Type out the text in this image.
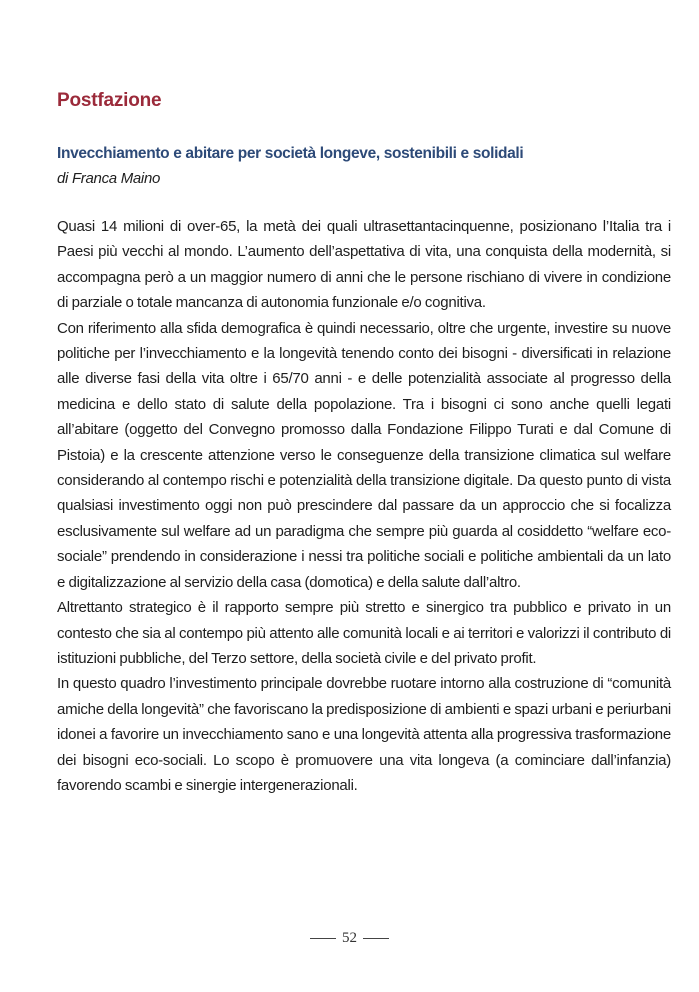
Postfazione
Invecchiamento e abitare per società longeve, sostenibili e solidali

di Franca Maino

Quasi 14 milioni di over-65, la metà dei quali ultrasettantacinquenne, posizionano l’Italia tra i Paesi più vecchi al mondo. L’aumento dell’aspettativa di vita, una conquista della modernità, si accompagna però a un maggior numero di anni che le persone rischiano di vivere in condizione di parziale o totale mancanza di autonomia funzionale e/o cognitiva.

Con riferimento alla sfida demografica è quindi necessario, oltre che urgente, investire su nuove politiche per l’invecchiamento e la longevità tenendo conto dei bisogni - diversificati in relazione alle diverse fasi della vita oltre i 65/70 anni - e delle potenzialità associate al progresso della medicina e dello stato di salute della popolazione. Tra i bisogni ci sono anche quelli legati all’abitare (oggetto del Convegno promosso dalla Fondazione Filippo Turati e dal Comune di Pistoia) e la crescente attenzione verso le conseguenze della transizione climatica sul welfare considerando al contempo rischi e potenzialità della transizione digitale. Da questo punto di vista qualsiasi investimento oggi non può prescindere dal passare da un approccio che si focalizza esclusivamente sul welfare ad un paradigma che sempre più guarda al cosiddetto “welfare eco-sociale” prendendo in considerazione i nessi tra politiche sociali e politiche ambientali da un lato e digitalizzazione al servizio della casa (domotica) e della salute dall’altro.

Altrettanto strategico è il rapporto sempre più stretto e sinergico tra pubblico e privato in un contesto che sia al contempo più attento alle comunità locali e ai territori e valorizzi il contributo di istituzioni pubbliche, del Terzo settore, della società civile e del privato profit.

In questo quadro l’investimento principale dovrebbe ruotare intorno alla costruzione di “comunità amiche della longevità” che favoriscano la predisposizione di ambienti e spazi urbani e periurbani idonei a favorire un invecchiamento sano e una longevità attenta alla progressiva trasformazione dei bisogni eco-sociali. Lo scopo è promuovere una vita longeva (a cominciare dall’infanzia) favorendo scambi e sinergie intergenerazionali.

52
